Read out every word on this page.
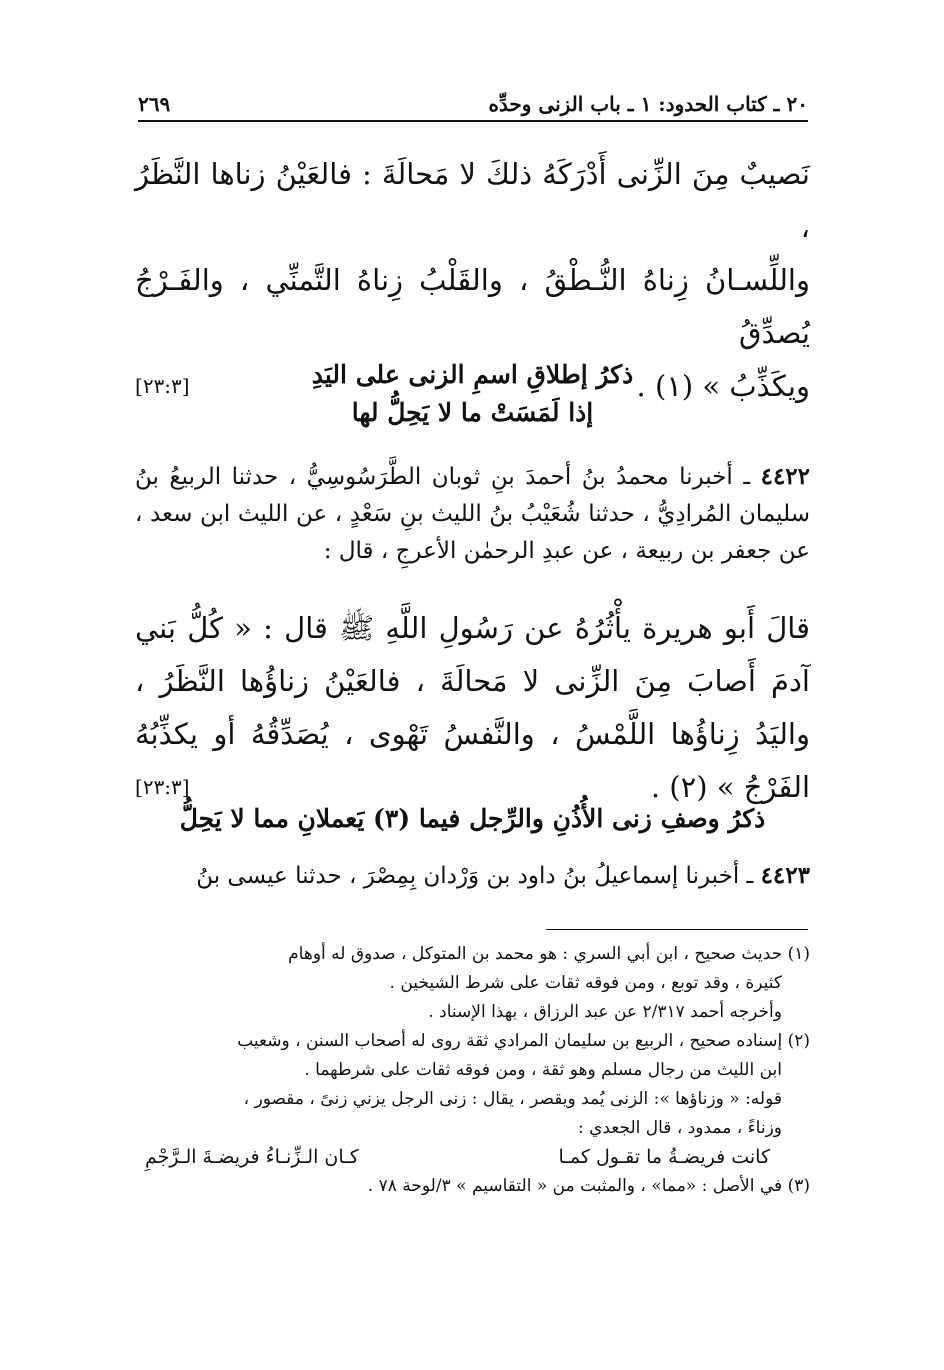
٢٠ ـ كتاب الحدود: ١ ـ باب الزنى وحدِّه
٢٦٩
نَصيبٌ مِنَ الزِّنى أَدْرَكَهُ ذلكَ لا مَحالَةَ : فالعَيْنُ زناها النَّظَرُ ،
واللِّسـانُ زِناهُ النُّـطْقُ ، والقَلْبُ زِناهُ التَّمنِّي ، والفَـرْجُ يُصدِّقُ
ويكَذِّبُ » (١) .
[٢٣:٣]	ذكرُ إطلاقِ اسمِ الزنى على اليَدِ
إذا لَمَسَتْ ما لا يَحِلُّ لها
٤٤٢٢ ـ أخبرنا محمدُ بنُ أحمدَ بنِ ثوبان الطَّرَسُوسِيُّ ، حدثنا الربيعُ بنُ سليمان المُرادِيُّ ، حدثنا شُعَيْبُ بنُ الليث بنِ سَعْدٍ ، عن الليث ابن سعد ، عن جعفر بن ربيعة ، عن عبدِ الرحمٰن الأعرجِ ، قال :
قالَ أَبو هريرة يأْثُرُهُ عن رَسُولِ اللَّهِ ﷺ قال : « كُلُّ بَني آدمَ أَصابَ مِنَ الزِّنى لا مَحالَةَ ، فالعَيْنُ زناؤُها النَّظَرُ ، واليَدُ زِناؤُها اللَّمْسُ ، والنَّفسُ تَهْوى ، يُصَدِّقُهُ أو يكذِّبُهُ الفَرْجُ » (٢) .
[٢٣:٣]
ذكرُ وصفِ زنى الأُذُنِ والرِّجل فيما (٣) يَعملانِ مما لا يَحِلُّ
٤٤٢٣ ـ أخبرنا إسماعيلُ بنُ داود بن وَرْدان بِمِصْرَ ، حدثنا عيسى بنُ
(١) حديث صحيح ، ابن أبي السري : هو محمد بن المتوكل ، صدوق له أوهام
كثيرة ، وقد توبع ، ومن فوقه ثقات على شرط الشيخين .
وأخرجه أحمد ٢/٣١٧ عن عبد الرزاق ، بهذا الإسناد .
(٢) إسناده صحيح ، الربيع بن سليمان المرادي ثقة روى له أصحاب السنن ، وشعيب
ابن الليث من رجال مسلم وهو ثقة ، ومن فوقه ثقات على شرطهما .
قوله: « وزناؤها »: الزنى يُمد ويقصر ، يقال : زنى الرجل يزني زنىً ، مقصور ،
وزناءً ، ممدود ، قال الجعدي :
كانت فريضـةُ ما تقـول كمـا
كـان الـزِّنـاءُ فريضـةَ الـرَّجْمِ
(٣) في الأصل : «مما» ، والمثبت من « التقاسيم » ٣/لوحة ٧٨ .
